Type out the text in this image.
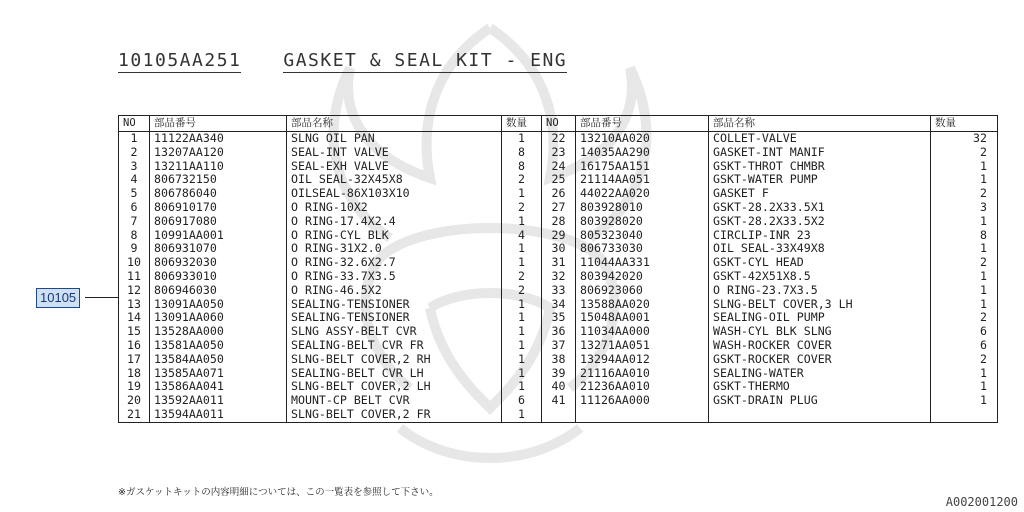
10105AA251 GASKET & SEAL KIT - ENG
NO	部品番号	部品名称	数量	NO	部品番号	部品名称	数量
1	11122AA340	SLNG OIL PAN	1	22	13210AA020	COLLET-VALVE	32
2	13207AA120	SEAL-INT VALVE	8	23	14035AA290	GASKET-INT MANIF	2
3	13211AA110	SEAL-EXH VALVE	8	24	16175AA151	GSKT-THROT CHMBR	1
4	806732150	OIL SEAL-32X45X8	2	25	21114AA051	GSKT-WATER PUMP	1
5	806786040	OILSEAL-86X103X10	1	26	44022AA020	GASKET F	2
6	806910170	O RING-10X2	2	27	803928010	GSKT-28.2X33.5X1	3
7	806917080	O RING-17.4X2.4	1	28	803928020	GSKT-28.2X33.5X2	1
8	10991AA001	O RING-CYL BLK	4	29	805323040	CIRCLIP-INR 23	8
9	806931070	O RING-31X2.0	1	30	806733030	OIL SEAL-33X49X8	1
10	806932030	O RING-32.6X2.7	1	31	11044AA331	GSKT-CYL HEAD	2
11	806933010	O RING-33.7X3.5	2	32	803942020	GSKT-42X51X8.5	1
12	806946030	O RING-46.5X2	2	33	806923060	O RING-23.7X3.5	1
13	13091AA050	SEALING-TENSIONER	1	34	13588AA020	SLNG-BELT COVER,3 LH	1
14	13091AA060	SEALING-TENSIONER	1	35	15048AA001	SEALING-OIL PUMP	2
15	13528AA000	SLNG ASSY-BELT CVR	1	36	11034AA000	WASH-CYL BLK SLNG	6
16	13581AA050	SEALING-BELT CVR FR	1	37	13271AA051	WASH-ROCKER COVER	6
17	13584AA050	SLNG-BELT COVER,2 RH	1	38	13294AA012	GSKT-ROCKER COVER	2
18	13585AA071	SEALING-BELT CVR LH	1	39	21116AA010	SEALING-WATER	1
19	13586AA041	SLNG-BELT COVER,2 LH	1	40	21236AA010	GSKT-THERMO	1
20	13592AA011	MOUNT-CP BELT CVR	6	41	11126AA000	GSKT-DRAIN PLUG	1
21	13594AA011	SLNG-BELT COVER,2 FR	1				
10105
※ガスケットキットの内容明細については、この一覧表を参照して下さい。
A002001200
